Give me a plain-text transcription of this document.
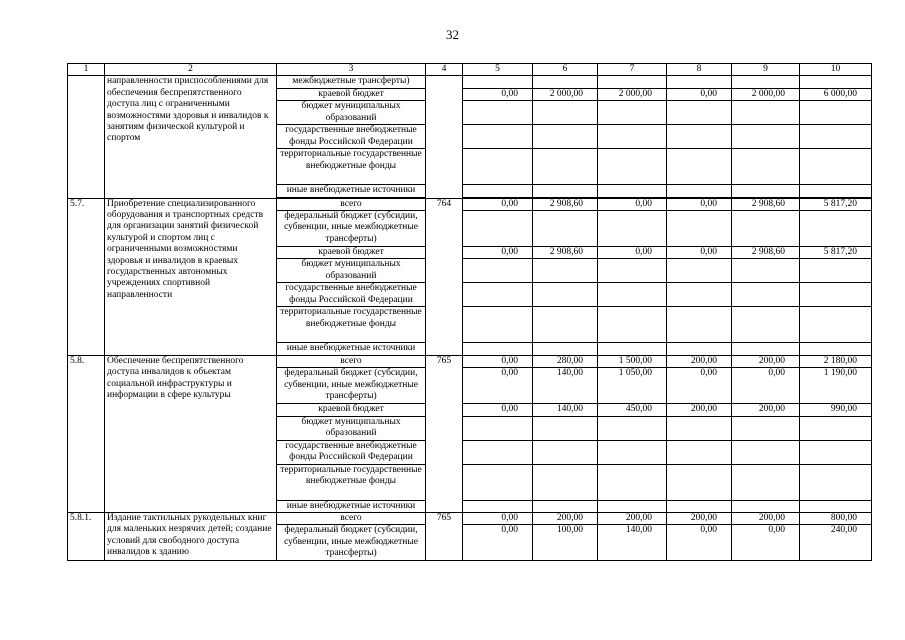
32
1	2	3	4	5	6	7	8	9	10
	направленности приспособлениями для обеспечения беспрепятственного доступа лиц с ограниченными возможностями здоровья и инвалидов к занятиям физической культурой и спортом	межбюджетные трансферты)							
		краевой бюджет		0,00	2 000,00	2 000,00	0,00	2 000,00	6 000,00
		бюджет муниципальных образований							
		государственные внебюджетные фонды Российской Федерации							
		территориальные государственные внебюджетные фонды							
		иные внебюджетные источники							

5.7.	Приобретение специализированного оборудования и транспортных средств для организации занятий физической культурой и спортом лиц с ограниченными возможностями здоровья и инвалидов в краевых государственных автономных учреждениях спортивной направленности	всего	764	0,00	2 908,60	0,00	0,00	2 908,60	5 817,20
		федеральный бюджет (субсидии, субвенции, иные межбюджетные трансферты)							
		краевой бюджет		0,00	2 908,60	0,00	0,00	2 908,60	5 817,20
		бюджет муниципальных образований							
		государственные внебюджетные фонды Российской Федерации							
		территориальные государственные внебюджетные фонды							
		иные внебюджетные источники							
5.8.	Обеспечение беспрепятственного доступа инвалидов к объектам социальной инфраструктуры и информации в сфере культуры	всего	765	0,00	280,00	1 500,00	200,00	200,00	2 180,00
		федеральный бюджет (субсидии, субвенции, иные межбюджетные трансферты)		0,00	140,00	1 050,00	0,00	0,00	1 190,00
		краевой бюджет		0,00	140,00	450,00	200,00	200,00	990,00
		бюджет муниципальных образований							
		государственные внебюджетные фонды Российской Федерации							
		территориальные государственные внебюджетные фонды							
		иные внебюджетные источники							
5.8.1.	Издание тактильных рукодельных книг для маленьких незрячих детей; создание условий для свободного доступа инвалидов к зданию	всего	765	0,00	200,00	200,00	200,00	200,00	800,00
		федеральный бюджет (субсидии, субвенции, иные межбюджетные трансферты)		0,00	100,00	140,00	0,00	0,00	240,00
